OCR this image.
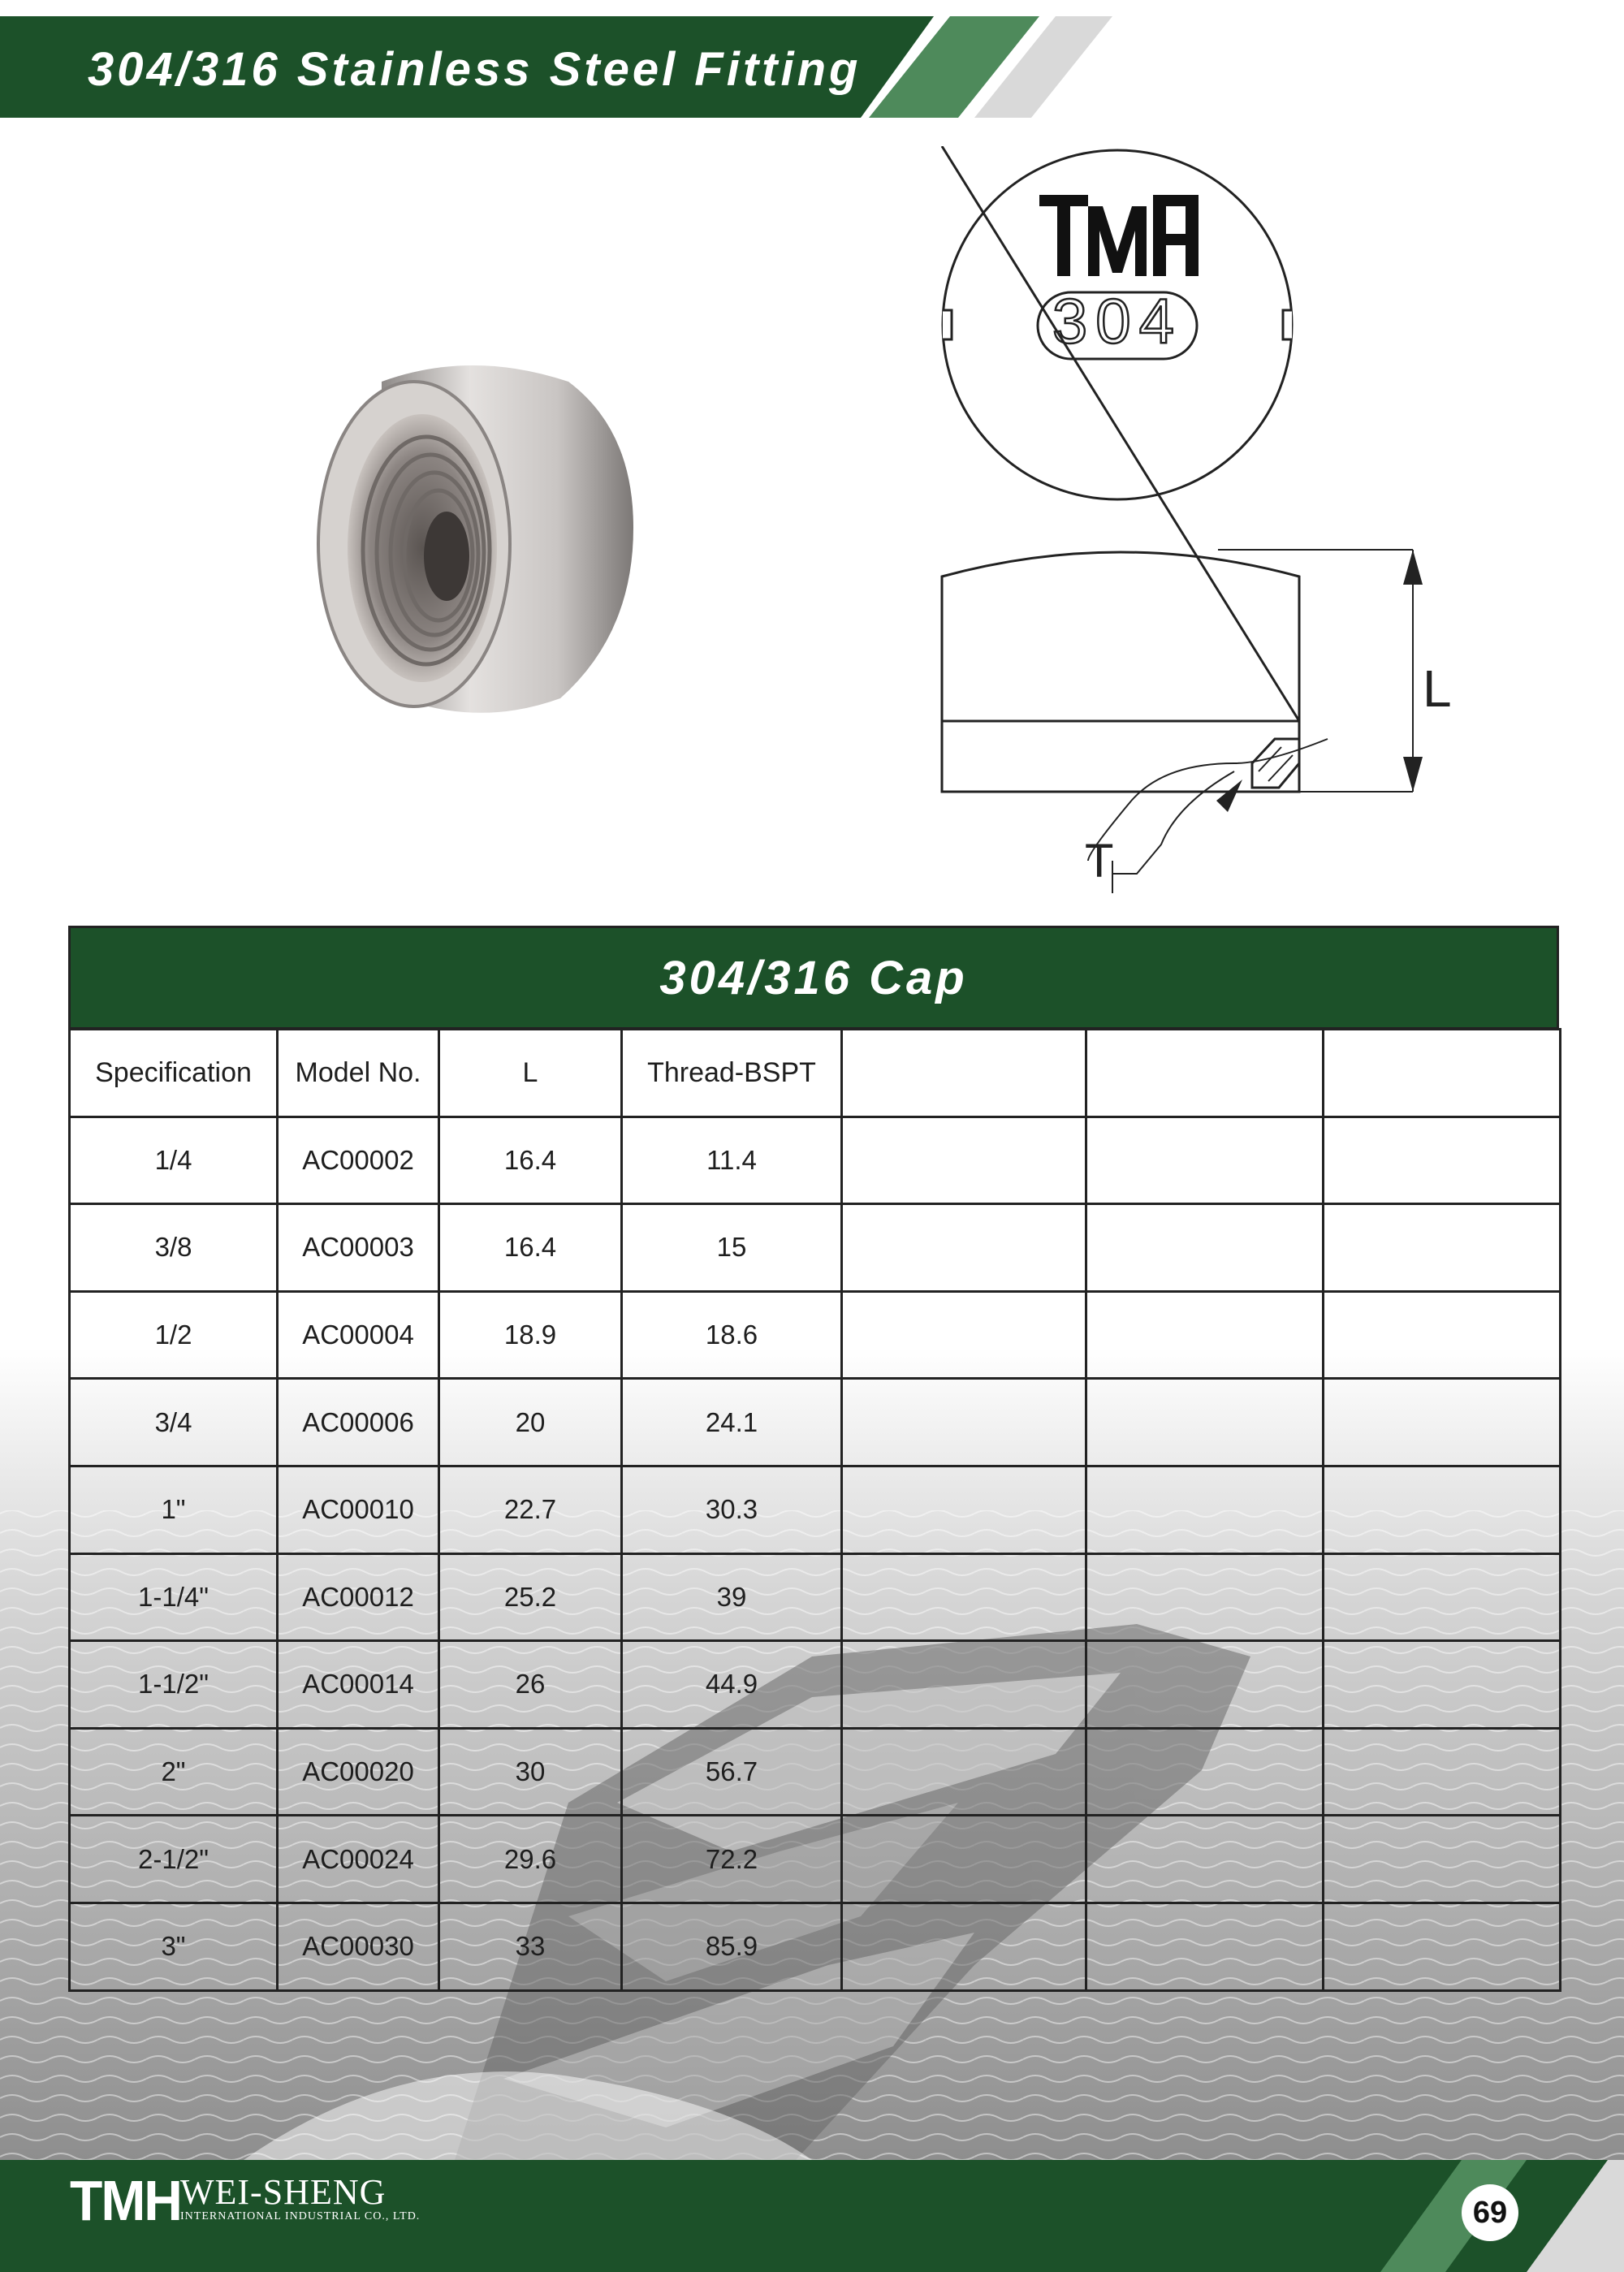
304/316 Stainless Steel Fitting
304
L
T
304/316 Cap
Specification	Model No.	L	Thread-BSPT			
1/4	AC00002	16.4	11.4			
3/8	AC00003	16.4	15			
1/2	AC00004	18.9	18.6			
3/4	AC00006	20	24.1			
1"	AC00010	22.7	30.3			
1-1/4"	AC00012	25.2	39			
1-1/2"	AC00014	26	44.9			
2"	AC00020	30	56.7			
2-1/2"	AC00024	29.6	72.2			
3"	AC00030	33	85.9			
TMH WEI-SHENG
INTERNATIONAL INDUSTRIAL CO., LTD.	69
